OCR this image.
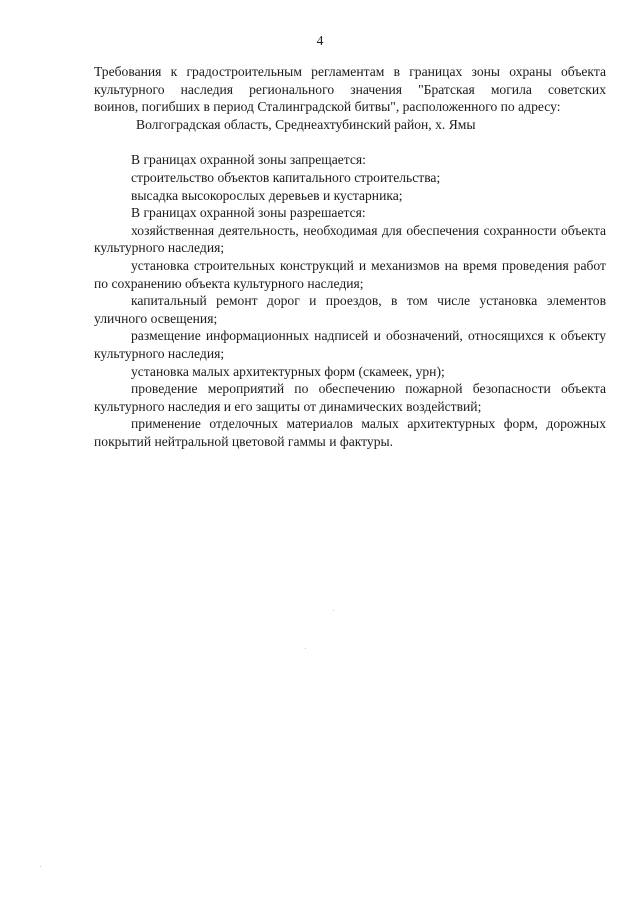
4
Требования к градостроительным регламентам в границах зоны охраны объекта
культурного наследия регионального значения "Братская могила советских
воинов, погибших в период Сталинградской битвы", расположенного по адресу:
Волгоградская область, Среднеахтубинский район, х. Ямы
В границах охранной зоны запрещается:
строительство объектов капитального строительства;
высадка высокорослых деревьев и кустарника;
В границах охранной зоны разрешается:
хозяйственная деятельность, необходимая для обеспечения сохранности объекта культурного наследия;
установка строительных конструкций и механизмов на время проведения работ по сохранению объекта культурного наследия;
капитальный ремонт дорог и проездов, в том числе установка элементов уличного освещения;
размещение информационных надписей и обозначений, относящихся к объекту культурного наследия;
установка малых архитектурных форм (скамеек, урн);
проведение мероприятий по обеспечению пожарной безопасности объекта культурного наследия и его защиты от динамических воздействий;
применение отделочных материалов малых архитектурных форм, дорожных покрытий нейтральной цветовой гаммы и фактуры.
